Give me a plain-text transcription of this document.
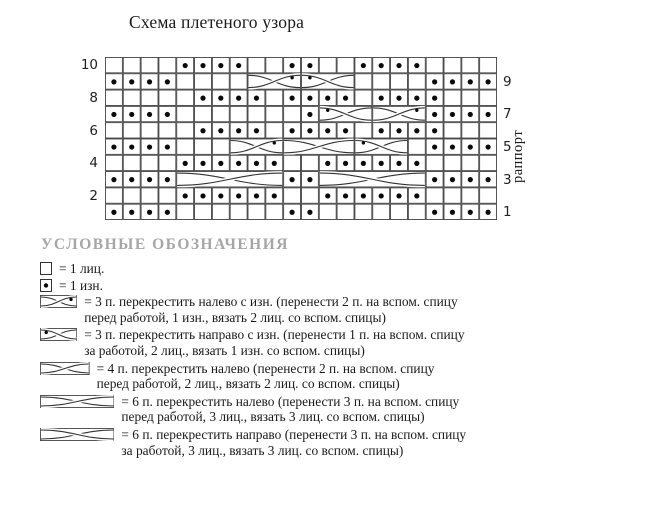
Схема плетеного узора
10
9
8
7
6
5
4
3
2
1
раппорт
УСЛОВНЫЕ ОБОЗНАЧЕНИЯ
= 1 лиц.
= 1 изн.
= 3 п. перекрестить налево с изн. (перенести 2 п. на вспом. спицу
перед работой, 1 изн., вязать 2 лиц. со вспом. спицы)
= 3 п. перекрестить направо с изн. (перенести 1 п. на вспом. спицу
за работой, 2 лиц., вязать 1 изн. со вспом. спицы)
= 4 п. перекрестить налево (перенести 2 п. на вспом. спицу
перед работой, 2 лиц., вязать 2 лиц. со вспом. спицы)
= 6 п. перекрестить налево (перенести 3 п. на вспом. спицу
перед работой, 3 лиц., вязать 3 лиц. со вспом. спицы)
= 6 п. перекрестить направо (перенести 3 п. на вспом. спицу
за работой, 3 лиц., вязать 3 лиц. со вспом. спицы)
